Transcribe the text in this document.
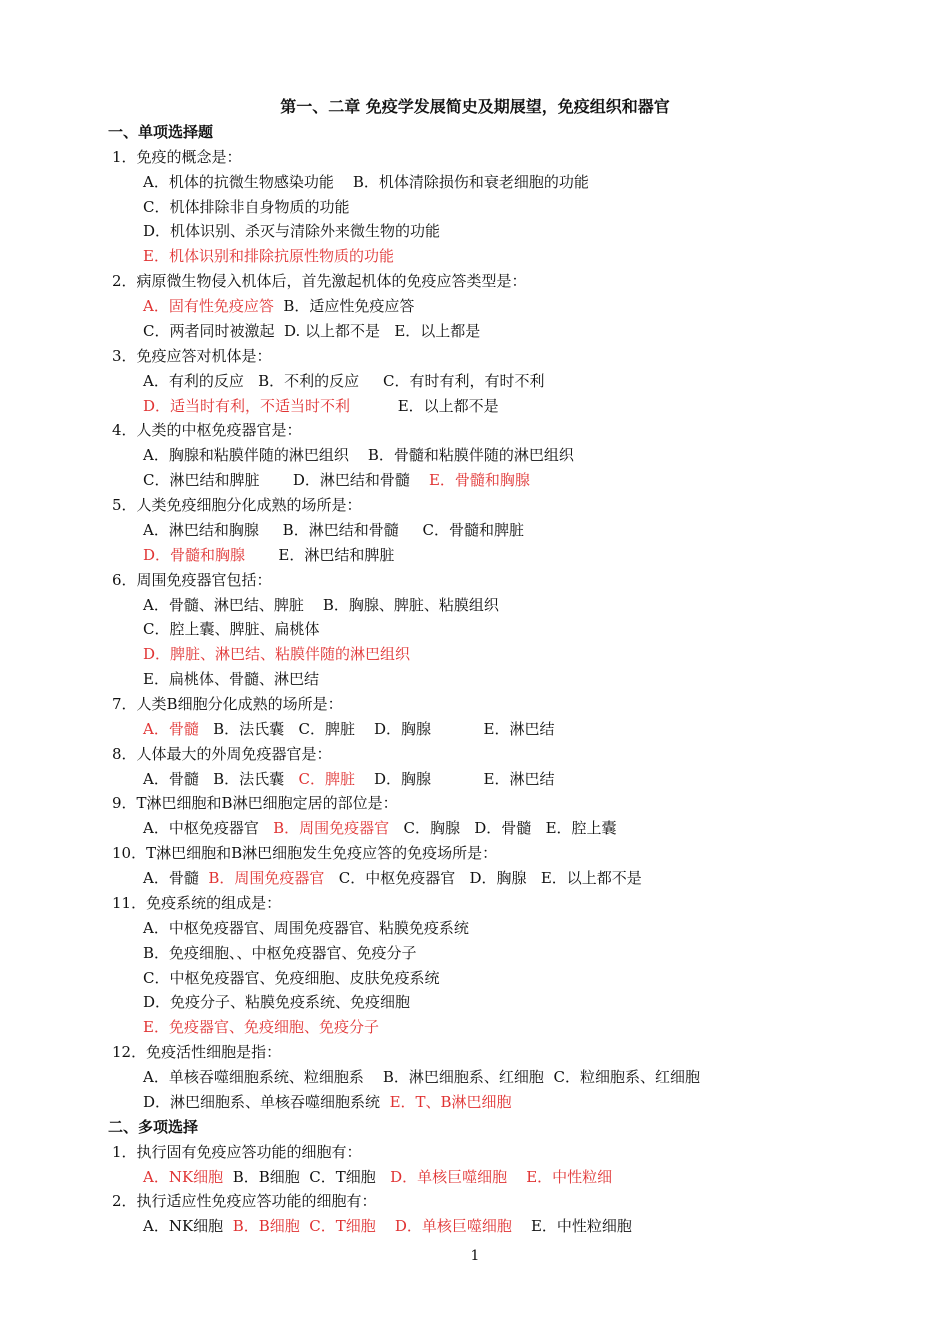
第一、二章 免疫学发展简史及期展望，免疫组织和器官
一、单项选择题
1．免疫的概念是：
A．机体的抗微生物感染功能    B．机体清除损伤和衰老细胞的功能
C．机体排除非自身物质的功能
D．机体识别、杀灭与清除外来微生物的功能
E．机体识别和排除抗原性物质的功能
2．病原微生物侵入机体后，首先激起机体的免疫应答类型是：
A．固有性免疫应答  B．适应性免疫应答
C．两者同时被激起  D. 以上都不是   E．以上都是
3．免疫应答对机体是：
A．有利的反应   B．不利的反应     C．有时有利，有时不利
D．适当时有利，不适当时不利          E．以上都不是
4．人类的中枢免疫器官是：
A．胸腺和粘膜伴随的淋巴组织    B．骨髓和粘膜伴随的淋巴组织
C．淋巴结和脾脏       D．淋巴结和骨髓    E．骨髓和胸腺
5．人类免疫细胞分化成熟的场所是：
A．淋巴结和胸腺     B．淋巴结和骨髓     C．骨髓和脾脏
D．骨髓和胸腺       E．淋巴结和脾脏
6．周围免疫器官包括：
A．骨髓、淋巴结、脾脏    B．胸腺、脾脏、粘膜组织
C．腔上囊、脾脏、扁桃体
D．脾脏、淋巴结、粘膜伴随的淋巴组织
E．扁桃体、骨髓、淋巴结
7．人类B细胞分化成熟的场所是：
A．骨髓   B．法氏囊   C．脾脏    D．胸腺           E．淋巴结
8．人体最大的外周免疫器官是：
A．骨髓   B．法氏囊   C．脾脏    D．胸腺           E．淋巴结
9．T淋巴细胞和B淋巴细胞定居的部位是：
A．中枢免疫器官   B．周围免疫器官   C．胸腺   D．骨髓   E．腔上囊
10．T淋巴细胞和B淋巴细胞发生免疫应答的免疫场所是：
A．骨髓  B．周围免疫器官   C．中枢免疫器官   D．胸腺   E．以上都不是
11．免疫系统的组成是：
A．中枢免疫器官、周围免疫器官、粘膜免疫系统
B．免疫细胞、、中枢免疫器官、免疫分子
C．中枢免疫器官、免疫细胞、皮肤免疫系统
D．免疫分子、粘膜免疫系统、免疫细胞
E．免疫器官、免疫细胞、免疫分子
12．免疫活性细胞是指：
A．单核吞噬细胞系统、粒细胞系    B．淋巴细胞系、红细胞  C．粒细胞系、红细胞
D．淋巴细胞系、单核吞噬细胞系统  E．T、B淋巴细胞
二、多项选择
1．执行固有免疫应答功能的细胞有：
A．NK细胞  B．B细胞  C．T细胞   D．单核巨噬细胞 E．中性粒细
2．执行适应性免疫应答功能的细胞有：
A．NK细胞  B．B细胞  C．T细胞 D．单核巨噬细胞    E．中性粒细胞
1
